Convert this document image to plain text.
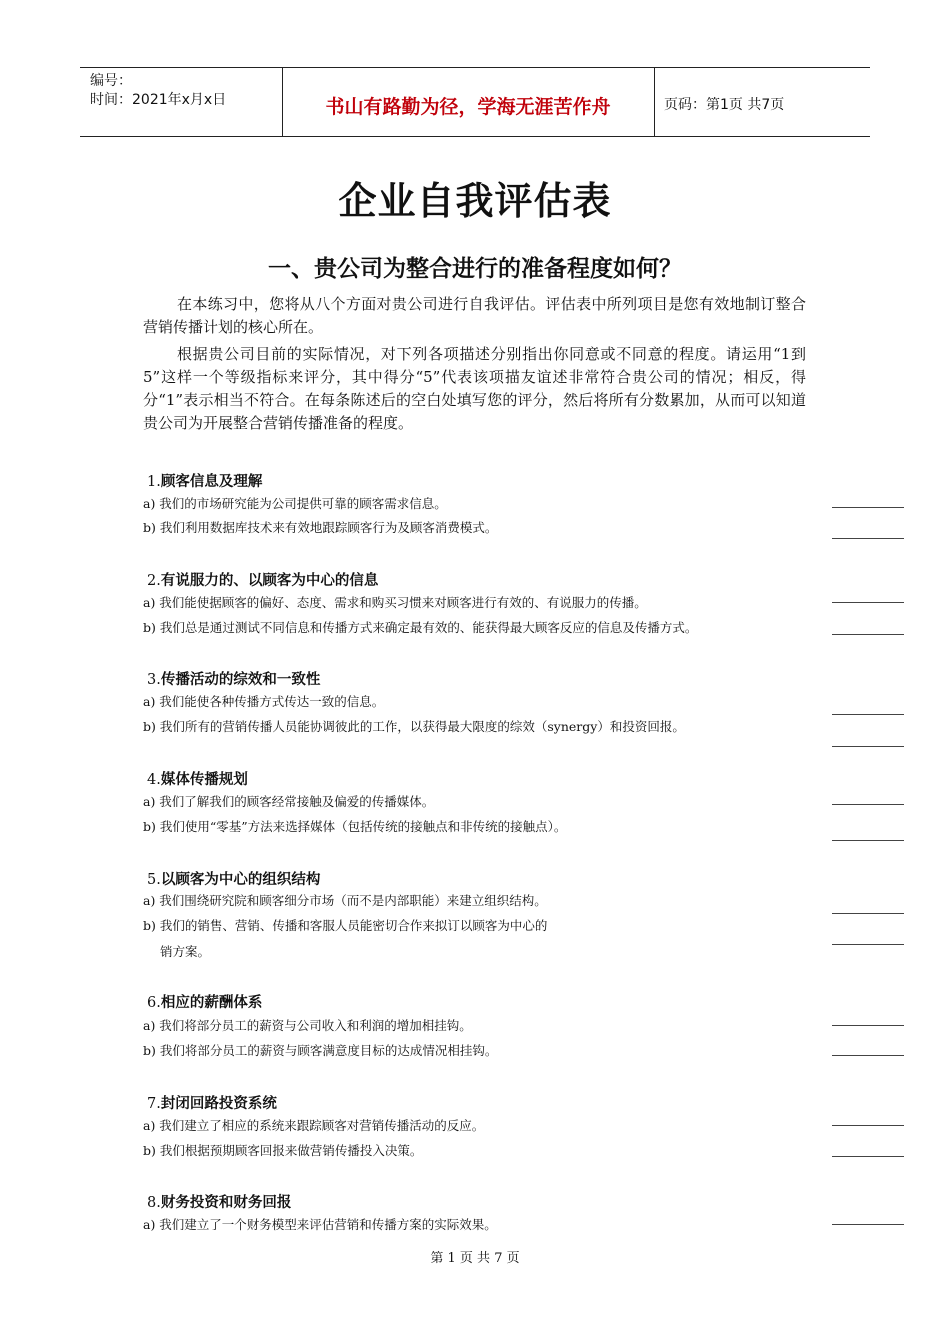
编号：
时间：2021年x月x日	书山有路勤为径，学海无涯苦作舟	页码：第1页 共7页
企业自我评估表
一、贵公司为整合进行的准备程度如何？

在本练习中，您将从八个方面对贵公司进行自我评估。评估表中所列项目是您有效地制订整合营销传播计划的核心所在。

根据贵公司目前的实际情况，对下列各项描述分别指出你同意或不同意的程度。请运用“1到5”这样一个等级指标来评分，其中得分“5”代表该项描友谊述非常符合贵公司的情况；相反，得分“1”表示相当不符合。在每条陈述后的空白处填写您的评分，然后将所有分数累加，从而可以知道贵公司为开展整合营销传播准备的程度。

1.顾客信息及理解
a) 我们的市场研究能为公司提供可靠的顾客需求信息。
b) 我们利用数据库技术来有效地跟踪顾客行为及顾客消费模式。
2.有说服力的、以顾客为中心的信息
a) 我们能使据顾客的偏好、态度、需求和购买习惯来对顾客进行有效的、有说服力的传播。
b) 我们总是通过测试不同信息和传播方式来确定最有效的、能获得最大顾客反应的信息及传播方式。
3.传播活动的综效和一致性
a) 我们能使各种传播方式传达一致的信息。
b) 我们所有的营销传播人员能协调彼此的工作，以获得最大限度的综效（synergy）和投资回报。
4.媒体传播规划
a) 我们了解我们的顾客经常接触及偏爱的传播媒体。
b) 我们使用“零基”方法来选择媒体（包括传统的接触点和非传统的接触点）。
5.以顾客为中心的组织结构
a) 我们围绕研究院和顾客细分市场（而不是内部职能）来建立组织结构。
b) 我们的销售、营销、传播和客服人员能密切合作来拟订以顾客为中心的
销方案。
6.相应的薪酬体系
a) 我们将部分员工的薪资与公司收入和利润的增加相挂钩。
b) 我们将部分员工的薪资与顾客满意度目标的达成情况相挂钩。
7.封闭回路投资系统
a) 我们建立了相应的系统来跟踪顾客对营销传播活动的反应。
b) 我们根据预期顾客回报来做营销传播投入决策。
8.财务投资和财务回报
a) 我们建立了一个财务模型来评估营销和传播方案的实际效果。
第 1 页 共 7 页
